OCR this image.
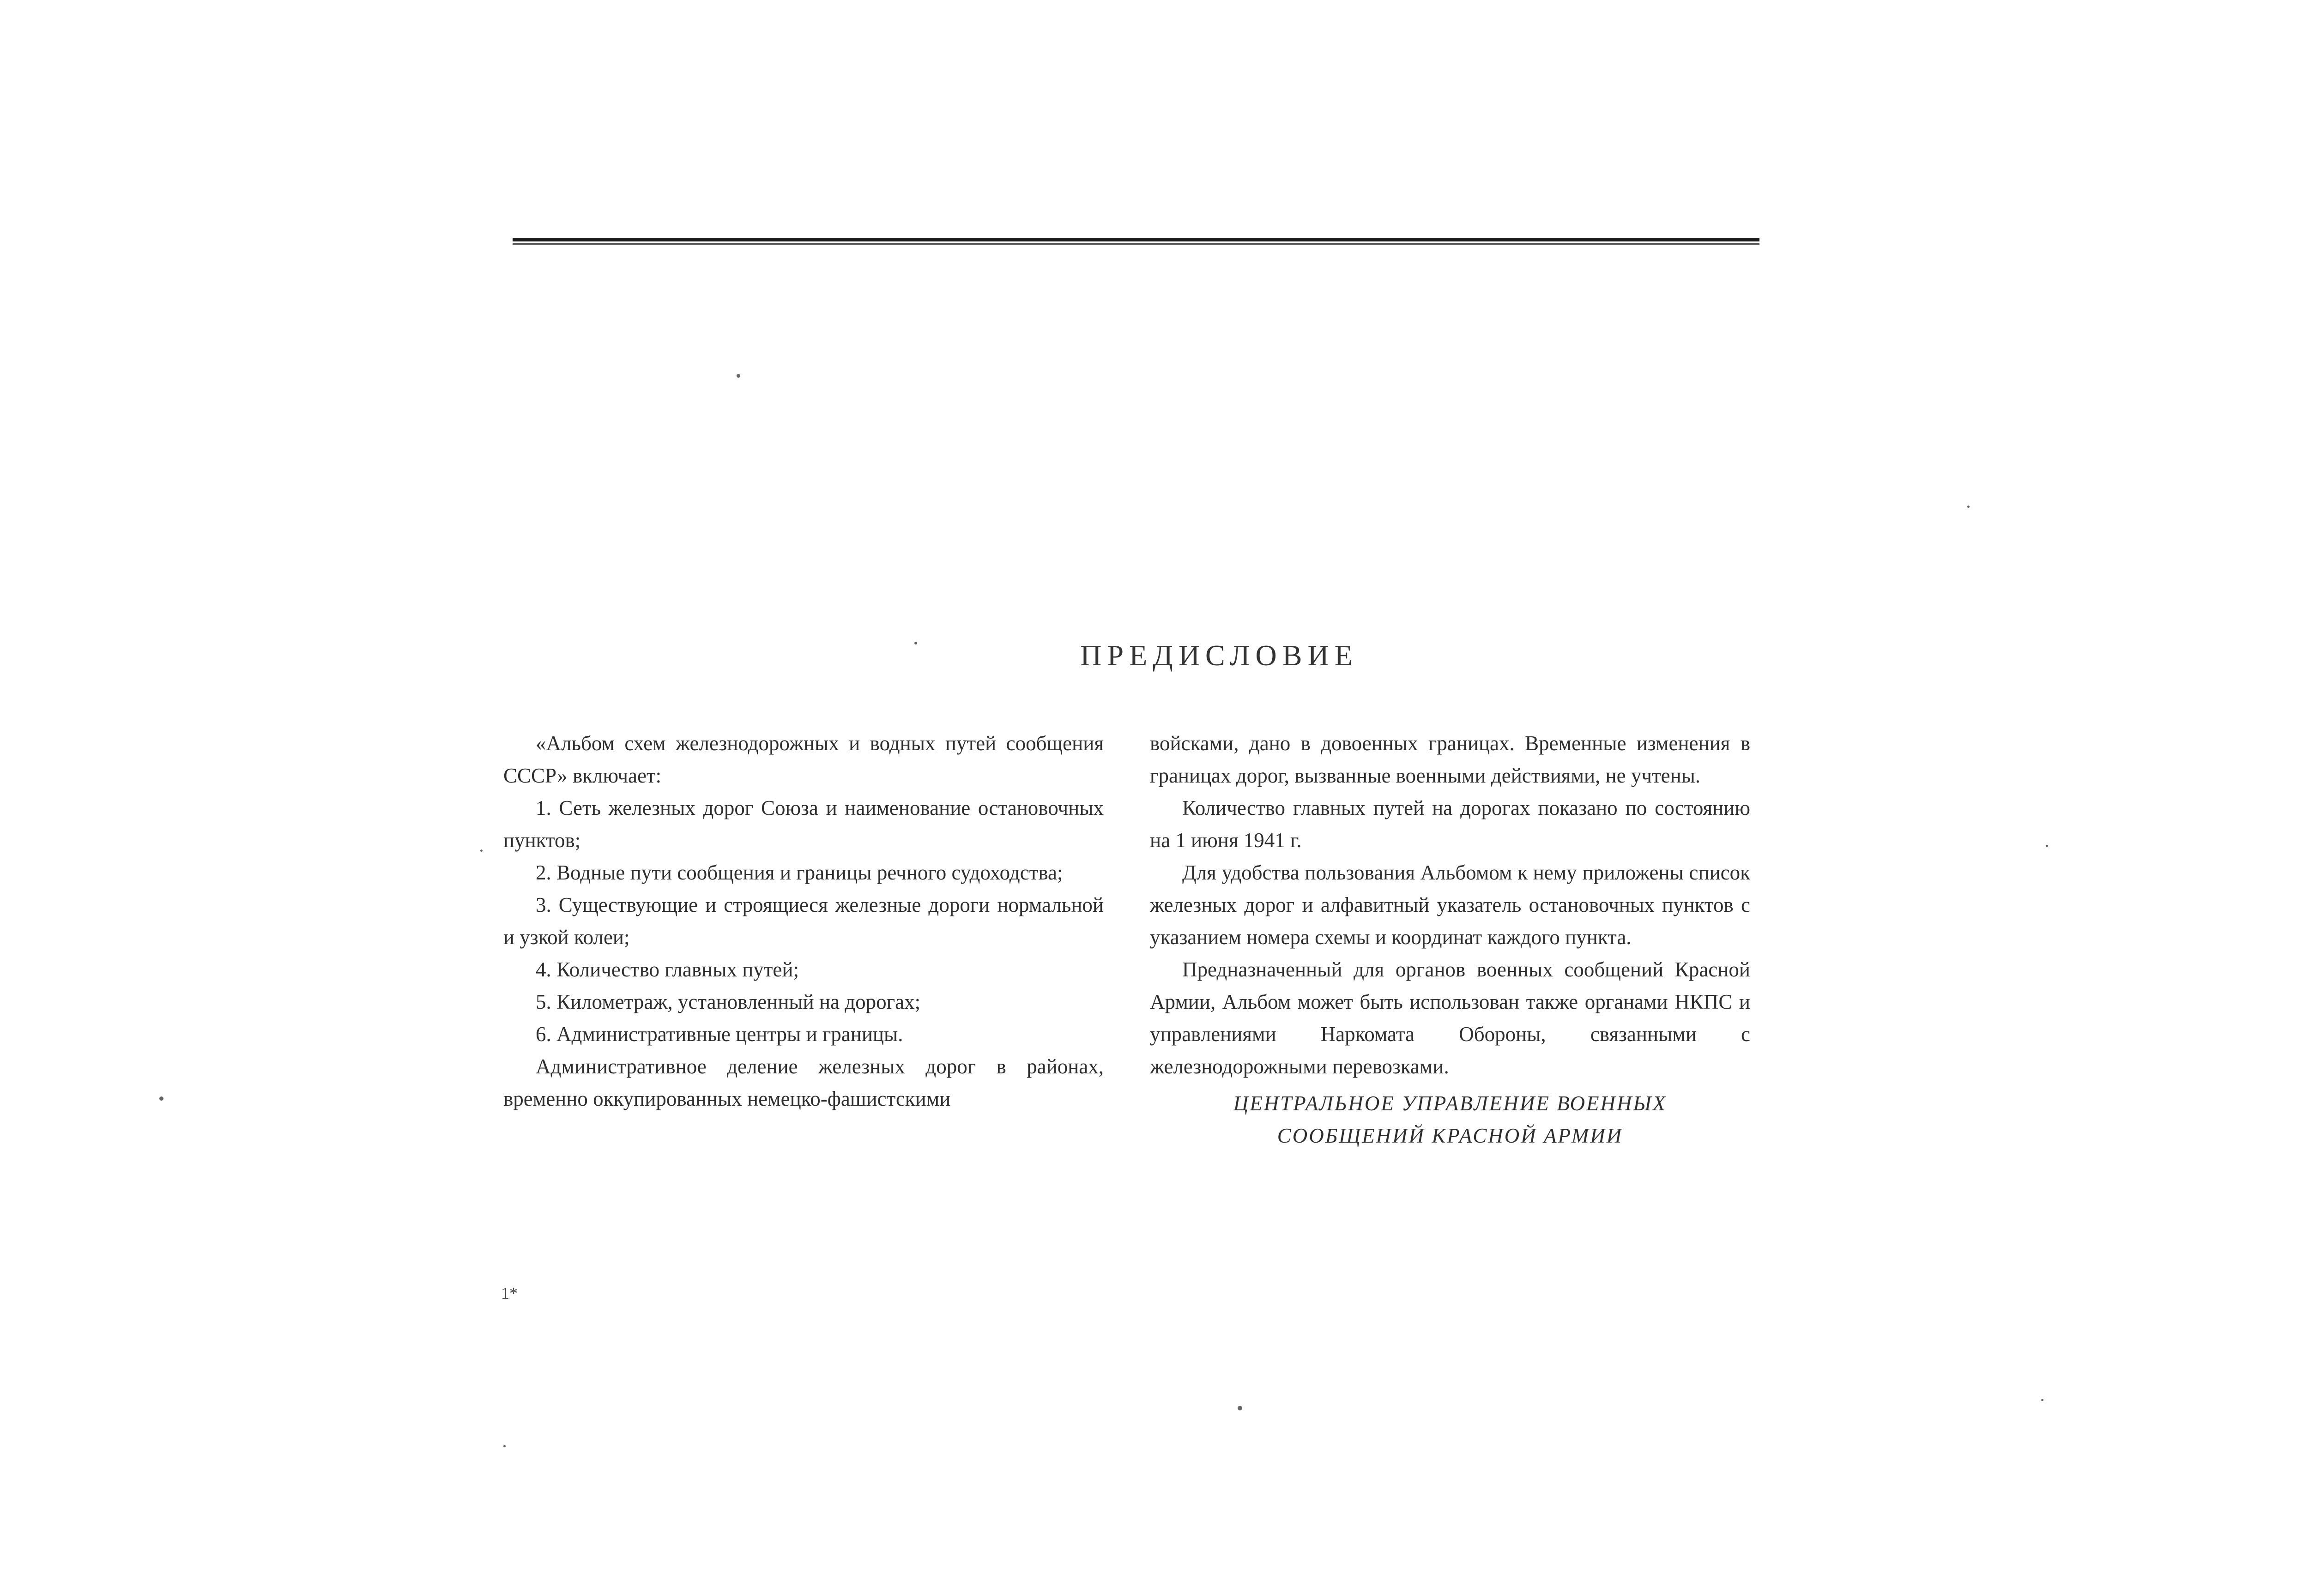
ПРЕДИСЛОВИЕ

«Альбом схем железнодорожных и водных путей сообщения СССР» включает:

1. Сеть железных дорог Союза и наименование остановочных пунктов;

2. Водные пути сообщения и границы речного судоходства;

3. Существующие и строящиеся железные дороги нормальной и узкой колеи;

4. Количество главных путей;

5. Километраж, установленный на дорогах;

6. Административные центры и границы.

Административное деление железных дорог в районах, временно оккупированных немецко-фашистскими

войсками, дано в довоенных границах. Временные изменения в границах дорог, вызванные военными действиями, не учтены.

Количество главных путей на дорогах показано по состоянию на 1 июня 1941 г.

Для удобства пользования Альбомом к нему приложены список железных дорог и алфавитный указатель остановочных пунктов с указанием номера схемы и координат каждого пункта.

Предназначенный для органов военных сообщений Красной Армии, Альбом может быть использован также органами НКПС и управлениями Наркомата Обороны, связанными с железнодорожными перевозками.

ЦЕНТРАЛЬНОЕ УПРАВЛЕНИЕ ВОЕННЫХ
СООБЩЕНИЙ КРАСНОЙ АРМИИ
1*
